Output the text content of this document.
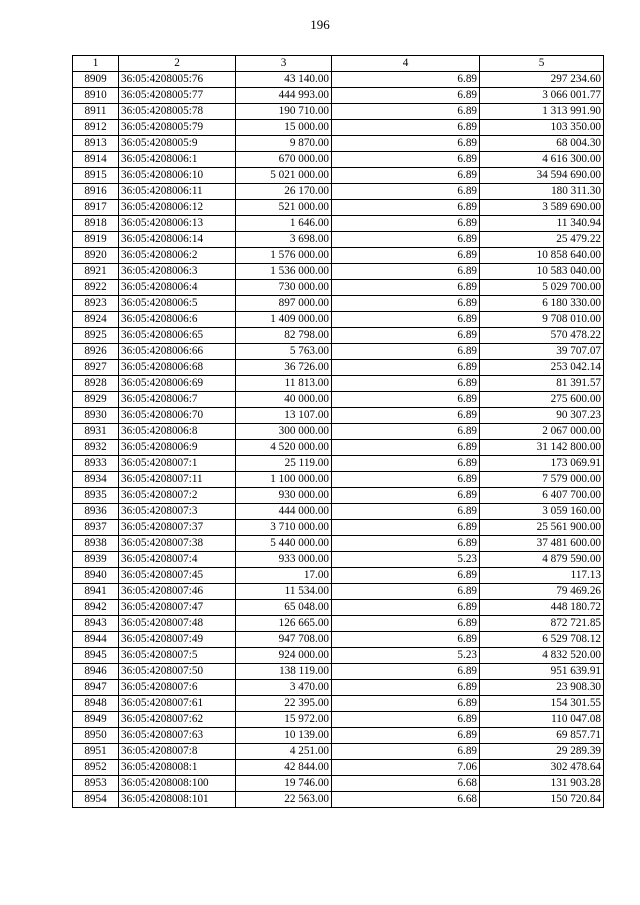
196
1	2	3	4	5
8909	36:05:4208005:76	43 140.00	6.89	297 234.60
8910	36:05:4208005:77	444 993.00	6.89	3 066 001.77
8911	36:05:4208005:78	190 710.00	6.89	1 313 991.90
8912	36:05:4208005:79	15 000.00	6.89	103 350.00
8913	36:05:4208005:9	9 870.00	6.89	68 004.30
8914	36:05:4208006:1	670 000.00	6.89	4 616 300.00
8915	36:05:4208006:10	5 021 000.00	6.89	34 594 690.00
8916	36:05:4208006:11	26 170.00	6.89	180 311.30
8917	36:05:4208006:12	521 000.00	6.89	3 589 690.00
8918	36:05:4208006:13	1 646.00	6.89	11 340.94
8919	36:05:4208006:14	3 698.00	6.89	25 479.22
8920	36:05:4208006:2	1 576 000.00	6.89	10 858 640.00
8921	36:05:4208006:3	1 536 000.00	6.89	10 583 040.00
8922	36:05:4208006:4	730 000.00	6.89	5 029 700.00
8923	36:05:4208006:5	897 000.00	6.89	6 180 330.00
8924	36:05:4208006:6	1 409 000.00	6.89	9 708 010.00
8925	36:05:4208006:65	82 798.00	6.89	570 478.22
8926	36:05:4208006:66	5 763.00	6.89	39 707.07
8927	36:05:4208006:68	36 726.00	6.89	253 042.14
8928	36:05:4208006:69	11 813.00	6.89	81 391.57
8929	36:05:4208006:7	40 000.00	6.89	275 600.00
8930	36:05:4208006:70	13 107.00	6.89	90 307.23
8931	36:05:4208006:8	300 000.00	6.89	2 067 000.00
8932	36:05:4208006:9	4 520 000.00	6.89	31 142 800.00
8933	36:05:4208007:1	25 119.00	6.89	173 069.91
8934	36:05:4208007:11	1 100 000.00	6.89	7 579 000.00
8935	36:05:4208007:2	930 000.00	6.89	6 407 700.00
8936	36:05:4208007:3	444 000.00	6.89	3 059 160.00
8937	36:05:4208007:37	3 710 000.00	6.89	25 561 900.00
8938	36:05:4208007:38	5 440 000.00	6.89	37 481 600.00
8939	36:05:4208007:4	933 000.00	5.23	4 879 590.00
8940	36:05:4208007:45	17.00	6.89	117.13
8941	36:05:4208007:46	11 534.00	6.89	79 469.26
8942	36:05:4208007:47	65 048.00	6.89	448 180.72
8943	36:05:4208007:48	126 665.00	6.89	872 721.85
8944	36:05:4208007:49	947 708.00	6.89	6 529 708.12
8945	36:05:4208007:5	924 000.00	5.23	4 832 520.00
8946	36:05:4208007:50	138 119.00	6.89	951 639.91
8947	36:05:4208007:6	3 470.00	6.89	23 908.30
8948	36:05:4208007:61	22 395.00	6.89	154 301.55
8949	36:05:4208007:62	15 972.00	6.89	110 047.08
8950	36:05:4208007:63	10 139.00	6.89	69 857.71
8951	36:05:4208007:8	4 251.00	6.89	29 289.39
8952	36:05:4208008:1	42 844.00	7.06	302 478.64
8953	36:05:4208008:100	19 746.00	6.68	131 903.28
8954	36:05:4208008:101	22 563.00	6.68	150 720.84
